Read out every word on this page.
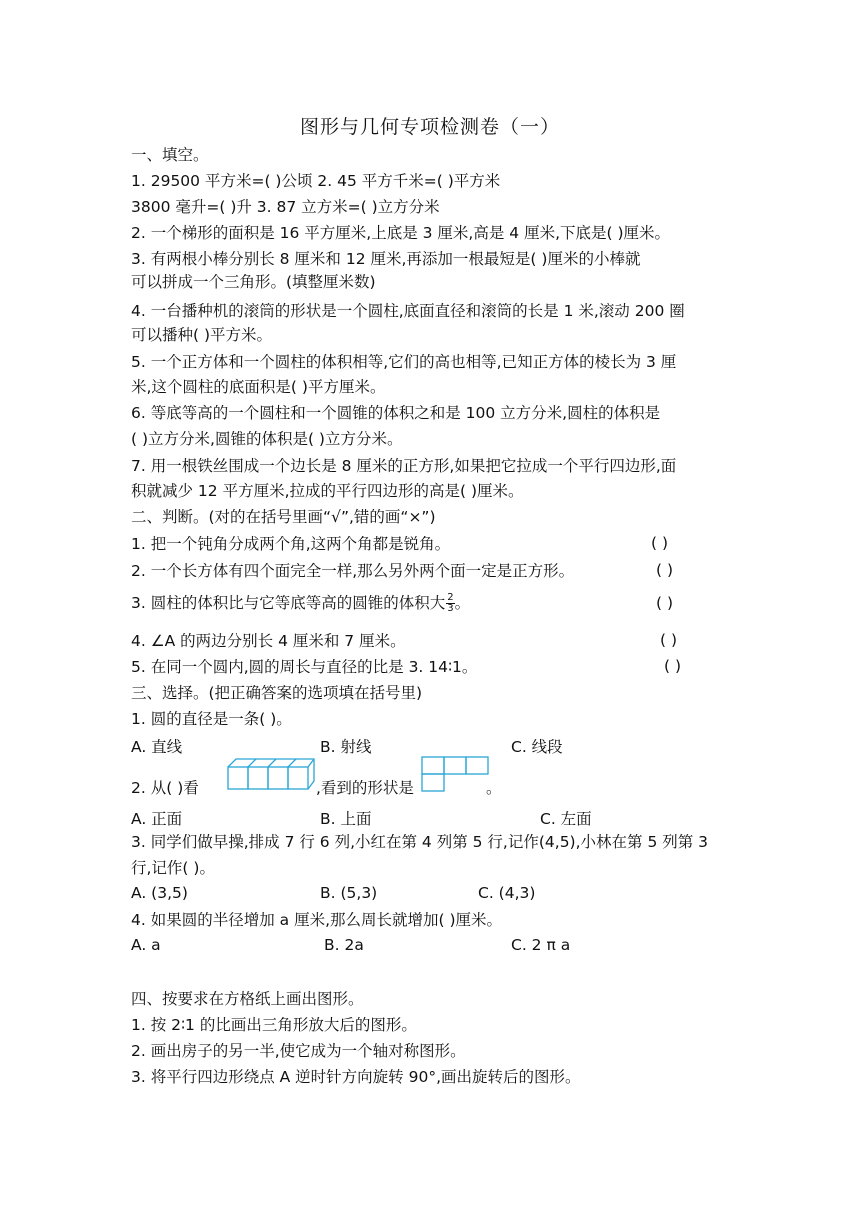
图形与几何专项检测卷（一）
一、填空。
1. 29500 平方米=( )公顷 2. 45 平方千米=( )平方米
3800 毫升=( )升 3. 87 立方米=( )立方分米
2. 一个梯形的面积是 16 平方厘米,上底是 3 厘米,高是 4 厘米,下底是( )厘米。
3. 有两根小棒分别长 8 厘米和 12 厘米,再添加一根最短是( )厘米的小棒就
可以拼成一个三角形。(填整厘米数)
4. 一台播种机的滚筒的形状是一个圆柱,底面直径和滚筒的长是 1 米,滚动 200 圈
可以播种( )平方米。
5. 一个正方体和一个圆柱的体积相等,它们的高也相等,已知正方体的棱长为 3 厘
米,这个圆柱的底面积是( )平方厘米。
6. 等底等高的一个圆柱和一个圆锥的体积之和是 100 立方分米,圆柱的体积是
( )立方分米,圆锥的体积是( )立方分米。
7. 用一根铁丝围成一个边长是 8 厘米的正方形,如果把它拉成一个平行四边形,面
积就减少 12 平方厘米,拉成的平行四边形的高是( )厘米。
二、判断。(对的在括号里画“√”,错的画“×”)
1. 把一个钝角分成两个角,这两个角都是锐角。	( )
2. 一个长方体有四个面完全一样,那么另外两个面一定是正方形。	( )
3. 圆柱的体积比与它等底等高的圆锥的体积大 $\frac{2}{3}$ 。	( )
4. ∠A 的两边分别长 4 厘米和 7 厘米。	( )
5. 在同一个圆内,圆的周长与直径的比是 3. 14∶1。	( )
三、选择。(把正确答案的选项填在括号里)
1. 圆的直径是一条( )。
A. 直线	B. 射线	C. 线段
2. 从( )看	,看到的形状是	。
A. 正面	B. 上面	C. 左面
3. 同学们做早操,排成 7 行 6 列,小红在第 4 列第 5 行,记作(4,5),小林在第 5 列第 3
行,记作( )。
A. (3,5)	B. (5,3)	C. (4,3)
4. 如果圆的半径增加 a 厘米,那么周长就增加( )厘米。
A. a	B. 2a	C. 2 π a
四、按要求在方格纸上画出图形。
1. 按 2∶1 的比画出三角形放大后的图形。
2. 画出房子的另一半,使它成为一个轴对称图形。
3. 将平行四边形绕点 A 逆时针方向旋转 90°,画出旋转后的图形。
